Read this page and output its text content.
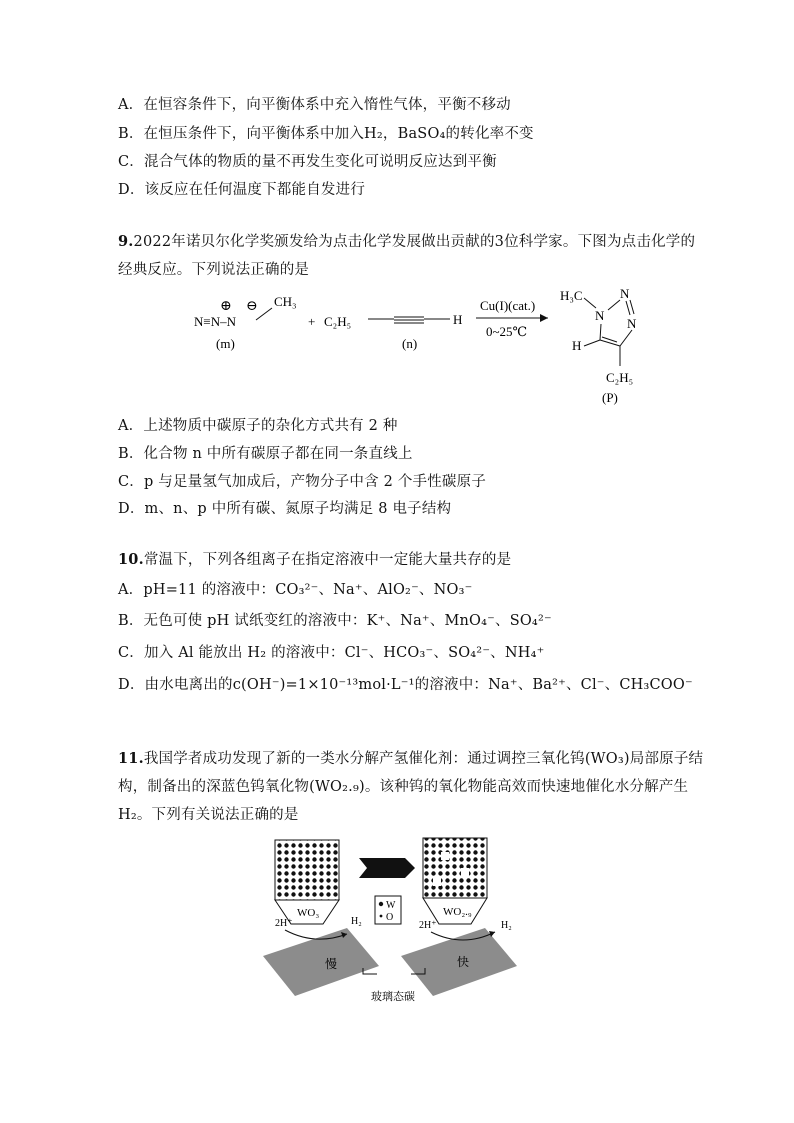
A．在恒容条件下，向平衡体系中充入惰性气体，平衡不移动
B．在恒压条件下，向平衡体系中加入H₂，BaSO₄的转化率不变
C．混合气体的物质的量不再发生变化可说明反应达到平衡
D．该反应在任何温度下都能自发进行
9.2022年诺贝尔化学奖颁发给为点击化学发展做出贡献的3位科学家。下图为点击化学的
经典反应。下列说法正确的是
N≡N–N
⊕ ⊖ CH₃
(m)
+ C₂H₅	H
(n)
Cu(I)(cat.)
0~25℃
H₃C
N
N
N
H
C₂H₅
(P)
A．上述物质中碳原子的杂化方式共有 2 种
B．化合物 n 中所有碳原子都在同一条直线上
C．p 与足量氢气加成后，产物分子中含 2 个手性碳原子
D．m、n、p 中所有碳、氮原子均满足 8 电子结构
10.常温下，下列各组离子在指定溶液中一定能大量共存的是
A．pH=11 的溶液中：CO₃²⁻、Na⁺、AlO₂⁻、NO₃⁻
B．无色可使 pH 试纸变红的溶液中：K⁺、Na⁺、MnO₄⁻、SO₄²⁻
C．加入 Al 能放出 H₂ 的溶液中：Cl⁻、HCO₃⁻、SO₄²⁻、NH₄⁺
D．由水电离出的c(OH⁻)=1×10⁻¹³mol·L⁻¹的溶液中：Na⁺、Ba²⁺、Cl⁻、CH₃COO⁻
11.我国学者成功发现了新的一类水分解产氢催化剂：通过调控三氧化钨(WO₃)局部原子结
构，制备出的深蓝色钨氧化物(WO₂.₉)。该种钨的氧化物能高效而快速地催化水分解产生
H₂。下列有关说法正确的是
WO₃	WO₂.₉
W
O
2H⁺	H₂
慢
2H⁺	H₂
快
玻璃态碳
